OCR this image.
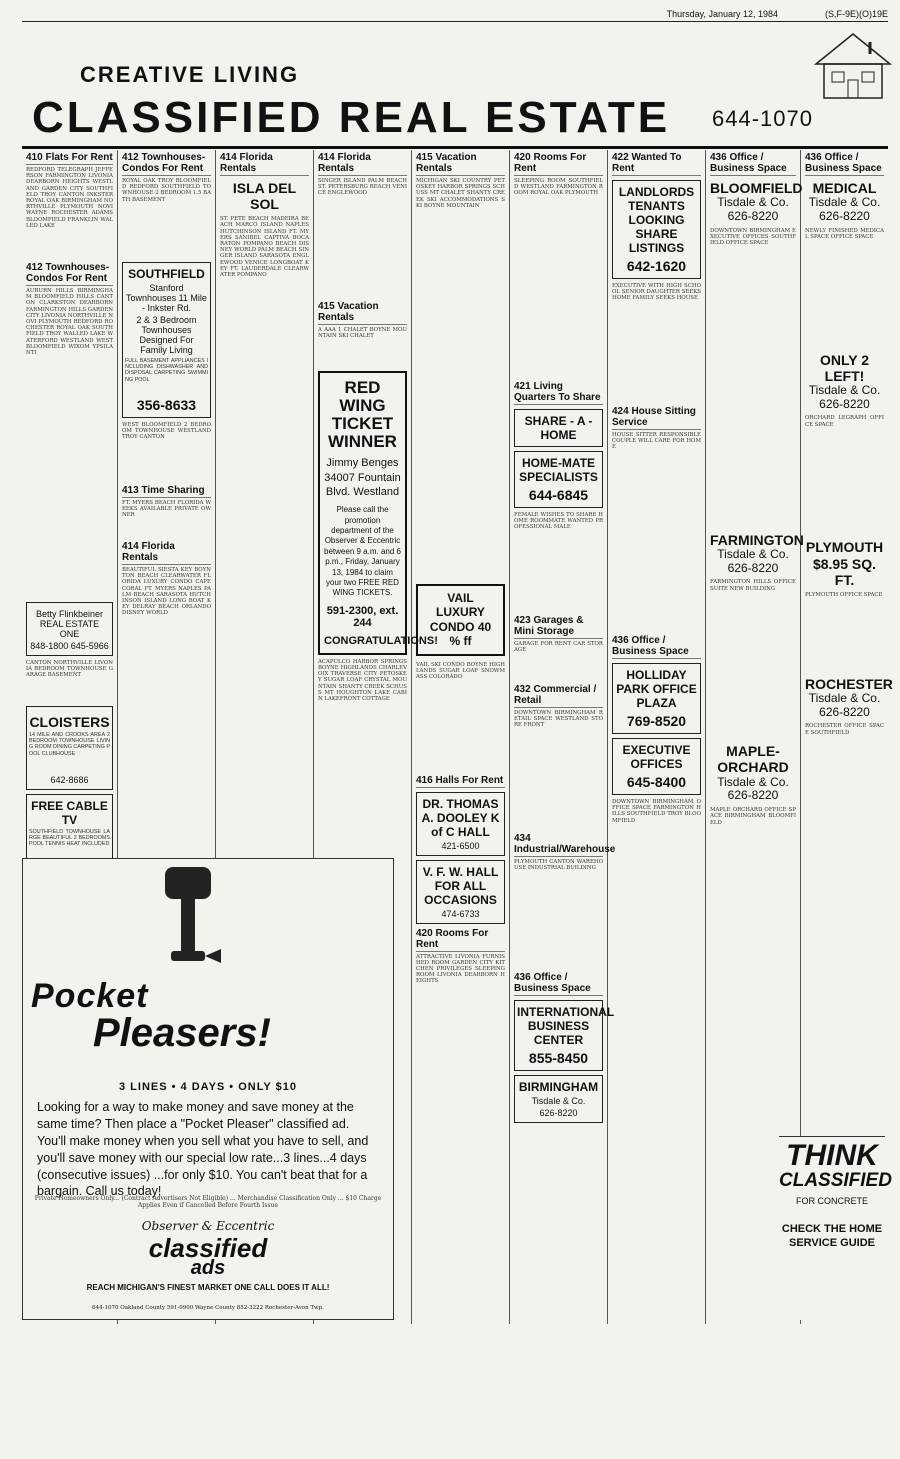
Thursday, January 12, 1984	(S,F-9E)(O)19E
CREATIVE LIVING
CLASSIFIED REAL ESTATE 644-1070
410 Flats For Rent
REDFORD TELEGRAPH JEFFERSON FARMINGTON LIVONIA DEARBORN HEIGHTS WESTLAND GARDEN CITY SOUTHFIELD TROY CANTON INKSTER ROYAL OAK BIRMINGHAM NORTHVILLE PLYMOUTH NOVI WAYNE ROCHESTER ADAMS BLOOMFIELD FRANKLIN WALLED LAKE
412 Townhouses-Condos For Rent
AUBURN HILLS BIRMINGHAM BLOOMFIELD HILLS CANTON CLARKSTON DEARBORN FARMINGTON HILLS GARDEN CITY LIVONIA NORTHVILLE NOVI PLYMOUTH REDFORD ROCHESTER ROYAL OAK SOUTHFIELD TROY WALLED LAKE WATERFORD WESTLAND WEST BLOOMFIELD WIXOM YPSILANTI
Betty Flinkbeiner REAL ESTATE ONE
848-1800 645-5966
CANTON NORTHVILLE LIVONIA BEDROOM TOWNHOUSE GARAGE BASEMENT
CLOISTERS
14 MILE AND CROOKS AREA 2 BEDROOM TOWNHOUSE LIVING ROOM DINING CARPETING POOL CLUBHOUSE
642-8686
FREE CABLE TV
SOUTHFIELD TOWNHOUSE LARGE BEAUTIFUL 2 BEDROOMS POOL TENNIS HEAT INCLUDED
412 Townhouses-Condos For Rent
ROYAL OAK TROY BLOOMFIELD REDFORD SOUTHFIELD TOWNHOUSE 2 BEDROOM 1.5 BATH BASEMENT
SOUTHFIELD
Stanford Townhouses 11 Mile - Inkster Rd.
2 & 3 Bedroom Townhouses Designed For Family Living
FULL BASEMENT APPLIANCES INCLUDING DISHWASHER AND DISPOSAL CARPETING SWIMMING POOL
356-8633
WEST BLOOMFIELD 2 BEDROOM TOWNHOUSE WESTLAND TROY CANTON
413 Time Sharing
FT. MYERS BEACH FLORIDA WEEKS AVAILABLE PRIVATE OWNER
414 Florida Rentals
BEAUTIFUL SIESTA KEY BOYNTON BEACH CLEARWATER FLORIDA LUXURY CONDO CAPE CORAL FT. MYERS NAPLES PALM BEACH SARASOTA HUTCHINSON ISLAND LONG BOAT KEY DELRAY BEACH ORLANDO DISNEY WORLD
414 Florida Rentals
ISLA DEL SOL
ST. PETE BEACH MADEIRA BEACH MARCO ISLAND NAPLES HUTCHINSON ISLAND FT. MYERS SANIBEL CAPTIVA BOCA RATON POMPANO BEACH DISNEY WORLD PALM BEACH SINGER ISLAND SARASOTA ENGLEWOOD VENICE LONGBOAT KEY FT. LAUDERDALE CLEARWATER POMPANO
414 Florida Rentals
SINGER ISLAND PALM BEACH ST. PETERSBURG BEACH VENICE ENGLEWOOD
415 Vacation Rentals
A AAA 1 CHALET BOYNE MOUNTAIN SKI CHALET
RED WING TICKET WINNER
Jimmy Benges 34007 Fountain Blvd. Westland
Please call the promotion department of the Observer & Eccentric between 9 a.m. and 6 p.m., Friday, January 13, 1984 to claim your two FREE RED WING TICKETS.
591-2300, ext. 244
CONGRATULATIONS!
ACAPULCO HARBOR SPRINGS BOYNE HIGHLANDS CHARLEVOIX TRAVERSE CITY PETOSKEY SUGAR LOAF CRYSTAL MOUNTAIN SHANTY CREEK SCHUSS MT HOUGHTON LAKE CABIN LAKEFRONT COTTAGE
415 Vacation Rentals
MICHIGAN SKI COUNTRY PETOSKEY HARBOR SPRINGS SCHUSS MT CHALET SHANTY CREEK SKI ACCOMMODATIONS SKI BOYNE MOUNTAIN
VAIL LUXURY CONDO 40 % ff
VAIL SKI CONDO BOYNE HIGHLANDS SUGAR LOAF SNOWMASS COLORADO
416 Halls For Rent
DR. THOMAS A. DOOLEY K of C HALL
421-6500
V. F. W. HALL FOR ALL OCCASIONS
474-6733
420 Rooms For Rent
ATTRACTIVE LIVONIA FURNISHED ROOM GARDEN CITY KITCHEN PRIVILEGES SLEEPING ROOM LIVONIA DEARBORN HEIGHTS
420 Rooms For Rent
SLEEPING ROOM SOUTHFIELD WESTLAND FARMINGTON ROOM ROYAL OAK PLYMOUTH
421 Living Quarters To Share
SHARE - A - HOME
HOME-MATE SPECIALISTS
644-6845
FEMALE WISHES TO SHARE HOME ROOMMATE WANTED PROFESSIONAL MALE
423 Garages & Mini Storage
GARAGE FOR RENT CAR STORAGE
432 Commercial / Retail
DOWNTOWN BIRMINGHAM RETAIL SPACE WESTLAND STORE FRONT
434 Industrial/Warehouse
PLYMOUTH CANTON WAREHOUSE INDUSTRIAL BUILDING
436 Office / Business Space
INTERNATIONAL BUSINESS CENTER
855-8450
BIRMINGHAM
Tisdale & Co.
626-8220
422 Wanted To Rent
LANDLORDS TENANTS LOOKING SHARE LISTINGS
642-1620
EXECUTIVE WITH HIGH SCHOOL SENIOR DAUGHTER SEEKS HOME FAMILY SEEKS HOUSE
424 House Sitting Service
HOUSE SITTER RESPONSIBLE COUPLE WILL CARE FOR HOME
436 Office / Business Space
HOLLIDAY PARK OFFICE PLAZA
769-8520
EXECUTIVE OFFICES
645-8400
DOWNTOWN BIRMINGHAM OFFICE SPACE FARMINGTON HILLS SOUTHFIELD TROY BLOOMFIELD
436 Office / Business Space
BLOOMFIELD
Tisdale & Co.
626-8220
DOWNTOWN BIRMINGHAM EXECUTIVE OFFICES SOUTHFIELD OFFICE SPACE
FARMINGTON
Tisdale & Co.
626-8220
FARMINGTON HILLS OFFICE SUITE NEW BUILDING
MAPLE-ORCHARD
Tisdale & Co.
626-8220
MAPLE ORCHARD OFFICE SPACE BIRMINGHAM BLOOMFIELD
436 Office / Business Space
MEDICAL
Tisdale & Co.
626-8220
NEWLY FINISHED MEDICAL SPACE OFFICE SPACE
ONLY 2 LEFT!
Tisdale & Co.
626-8220
ORCHARD LEGRAPH OFFICE SPACE
PLYMOUTH
$8.95 SQ. FT.
PLYMOUTH OFFICE SPACE
ROCHESTER
Tisdale & Co.
626-8220
ROCHESTER OFFICE SPACE SOUTHFIELD
Pocket
Pleasers!
3 LINES • 4 DAYS • ONLY $10
Looking for a way to make money and save money at the same time? Then place a "Pocket Pleaser" classified ad. You'll make money when you sell what you have to sell, and you'll save money with our special low rate...3 lines...4 days (consecutive issues) ...for only $10. You can't beat that for a bargain. Call us today!
Private Homeowners Only... (Contract Advertisers Not Eligible) ... Merchandise Classification Only ... $10 Charge Applies Even if Cancelled Before Fourth Issue
Observer & Eccentric
classified
ads
REACH MICHIGAN'S FINEST MARKET ONE CALL DOES IT ALL!
644-1070 Oakland County 591-0900 Wayne County 852-3222 Rochester-Avon Twp.
THINK
CLASSIFIED
FOR CONCRETE
CHECK THE HOME SERVICE GUIDE
